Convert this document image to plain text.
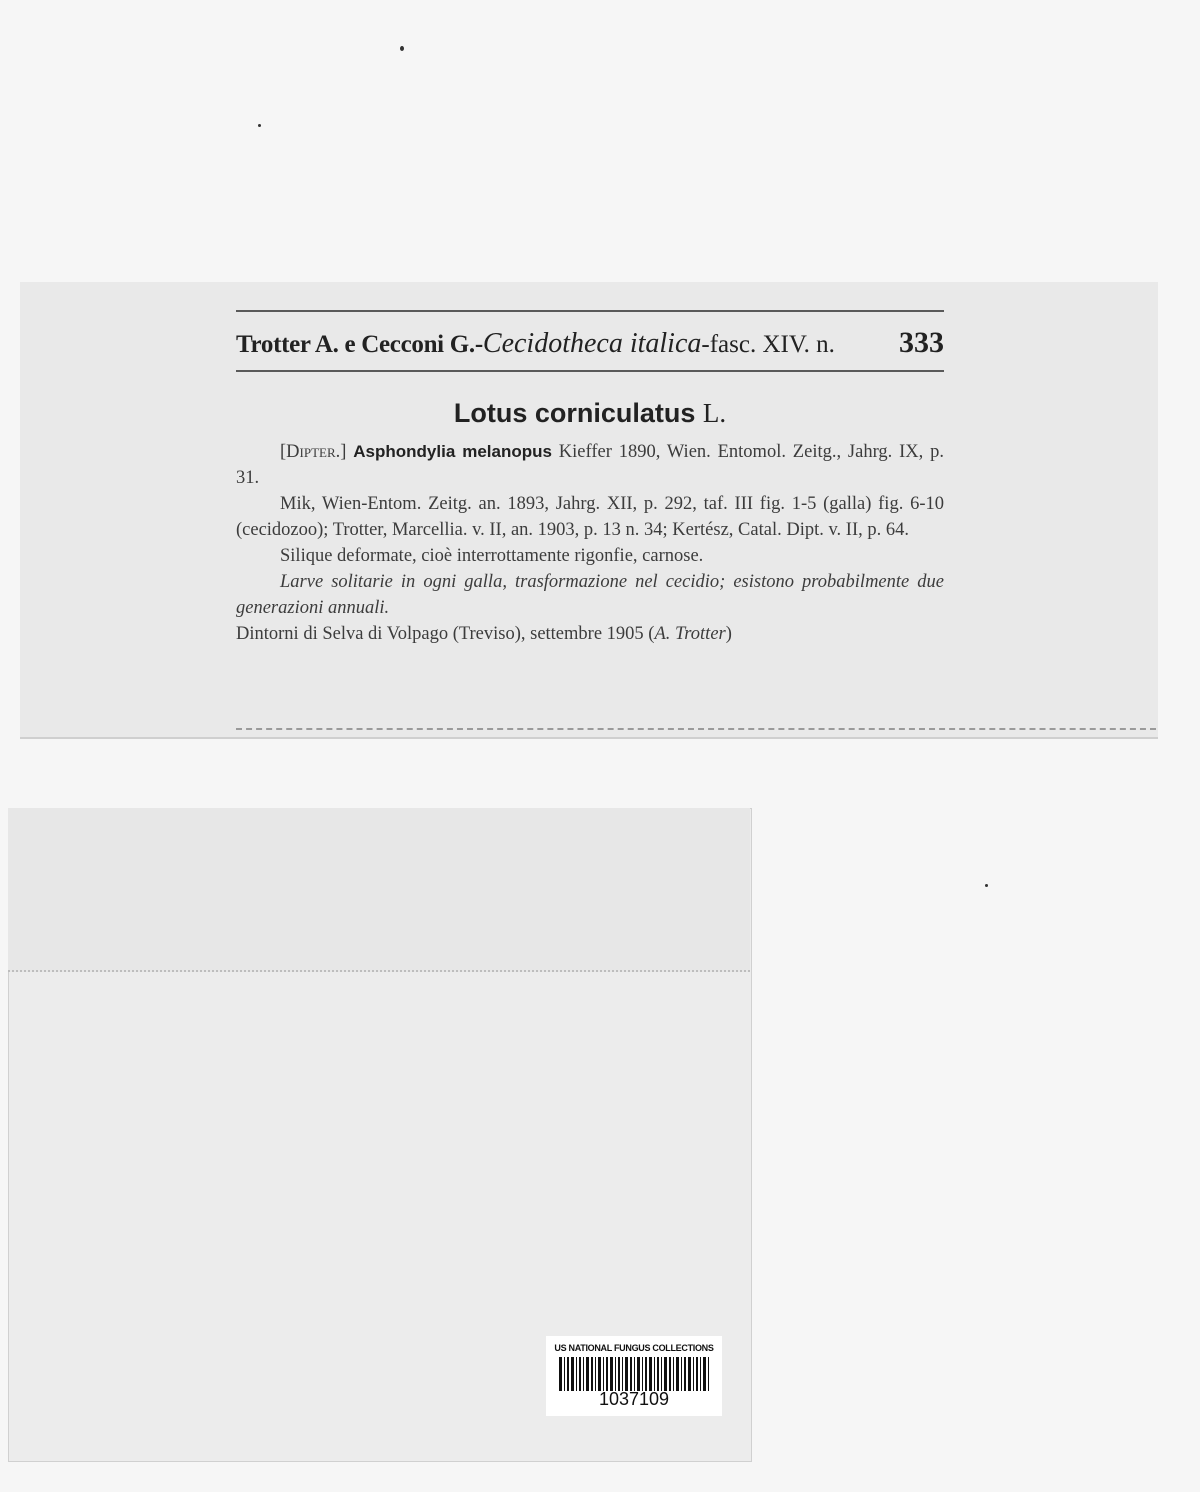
Trotter A. e Cecconi G.-Cecidotheca italica-fasc. XIV. n. 333
Lotus corniculatus L.

[Dipter.] Asphondylia melanopus Kieffer 1890, Wien. Entomol. Zeitg., Jahrg. IX, p. 31.

Mik, Wien-Entom. Zeitg. an. 1893, Jahrg. XII, p. 292, taf. III fig. 1-5 (galla) fig. 6-10 (cecidozoo); Trotter, Marcellia. v. II, an. 1903, p. 13 n. 34; Kertész, Catal. Dipt. v. II, p. 64.

Silique deformate, cioè interrottamente rigonfie, carnose.

Larve solitarie in ogni galla, trasformazione nel cecidio; esistono probabilmente due generazioni annuali.

Dintorni di Selva di Volpago (Treviso), settembre 1905 (A. Trotter)

US NATIONAL FUNGUS COLLECTIONS
1037109
